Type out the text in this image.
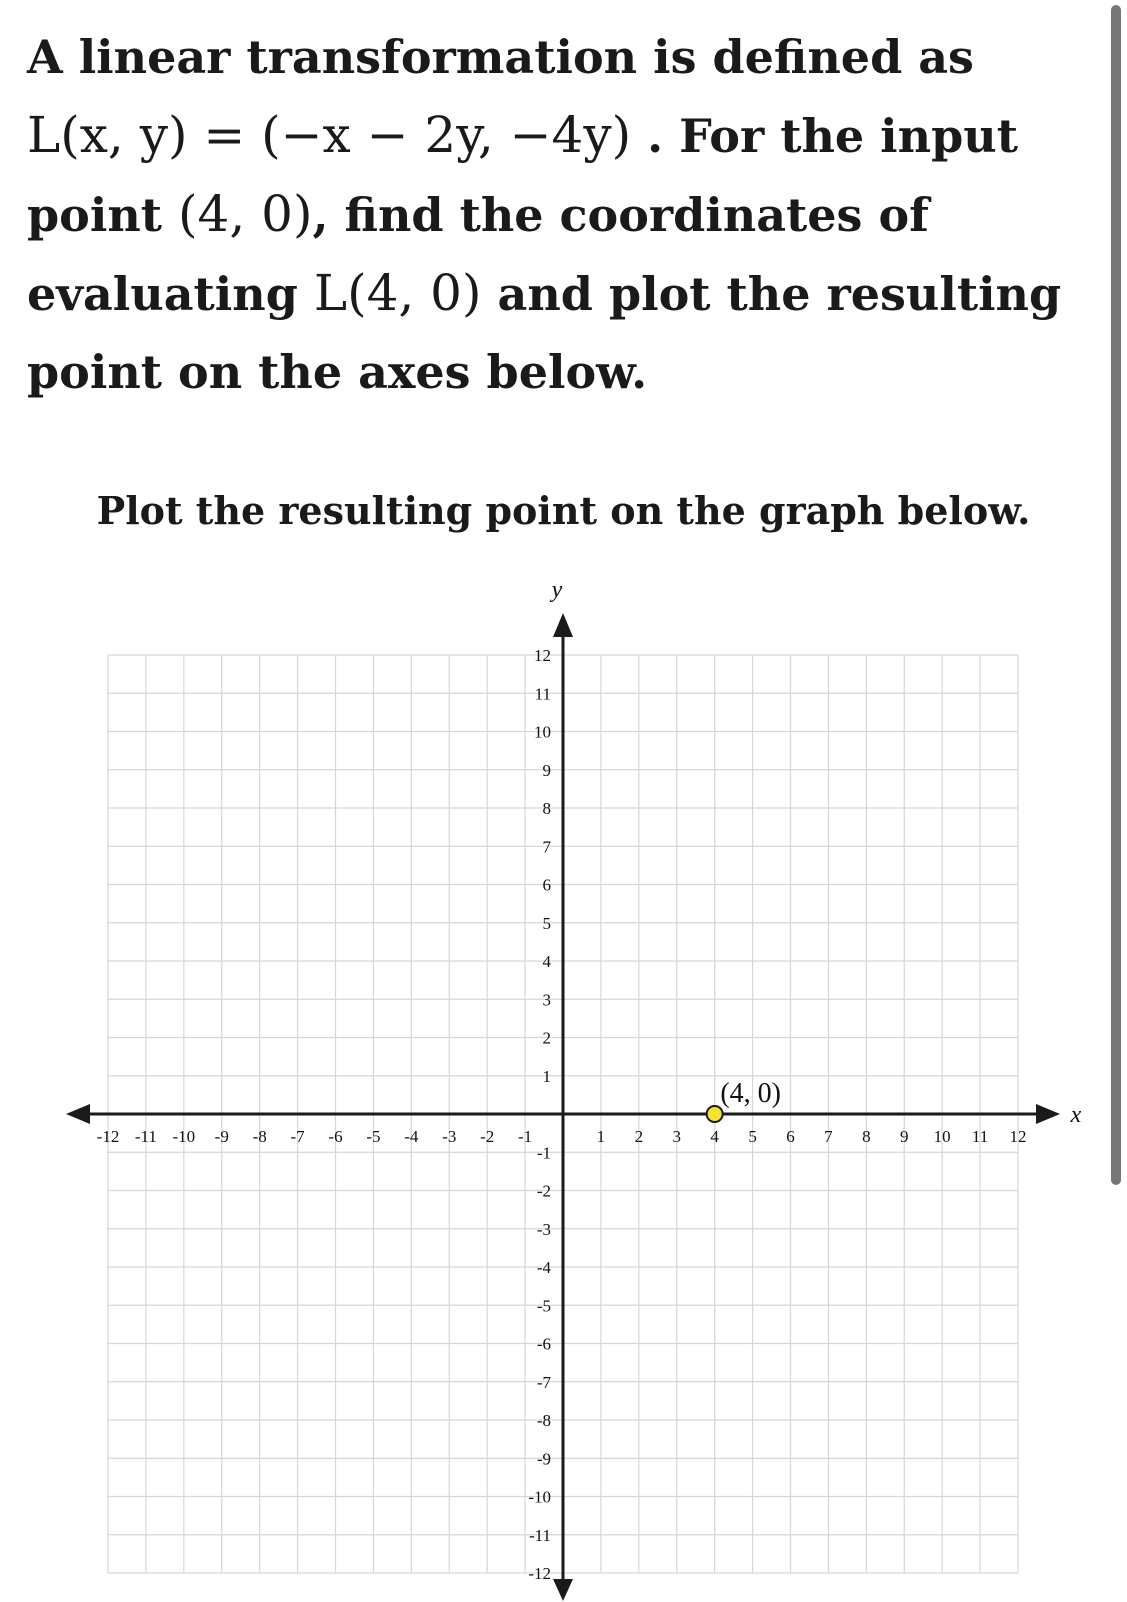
A linear transformation is defined as
L(x, y) = (−x − 2y, −4y) . For the input
point (4, 0), find the coordinates of
evaluating L(4, 0) and plot the resulting
point on the axes below.

Plot the resulting point on the graph below.

x
y
-12 -11 -10 -9 -8 -7 -6 -5 -4 -3 -2 -1	1 2 3 4 5 6 7 8 9 10 11 12
12
11
10
9
8
7
6
5
4
3
2
1
-1
-2
-3
-4
-5
-6
-7
-8
-9
-10
-11
-12
(4, 0)
